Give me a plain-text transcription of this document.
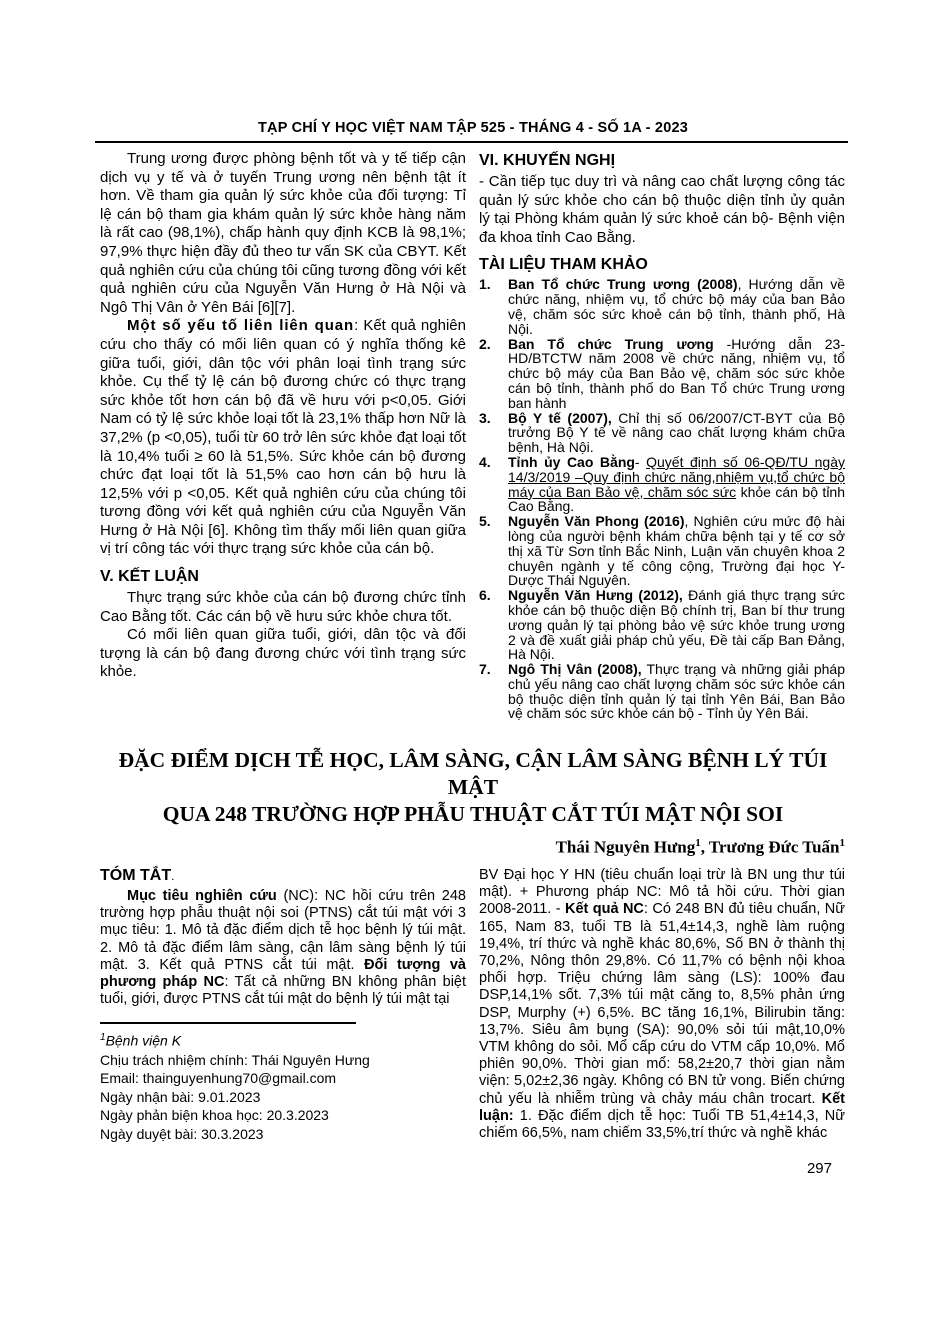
TẠP CHÍ Y HỌC VIỆT NAM TẬP 525 - THÁNG 4 - SỐ 1A - 2023

Trung ương được phòng bệnh tốt và y tế tiếp cận dịch vụ y tế và ở tuyến Trung ương nên bệnh tật ít hơn. Về tham gia quản lý sức khỏe của đối tượng: Tỉ lệ cán bộ tham gia khám quản lý sức khỏe hàng năm là rất cao (98,1%), chấp hành quy định KCB là 98,1%; 97,9% thực hiện đầy đủ theo tư vấn SK của CBYT. Kết quả nghiên cứu của chúng tôi cũng tương đồng với kết quả nghiên cứu của Nguyễn Văn Hưng ở Hà Nội và Ngô Thị Vân ở Yên Bái [6][7].

Một số yếu tố liên liên quan: Kết quả nghiên cứu cho thấy có mối liên quan có ý nghĩa thống kê giữa tuổi, giới, dân tộc với phân loại tình trạng sức khỏe. Cụ thể tỷ lệ cán bộ đương chức có thực trạng sức khỏe tốt hơn cán bộ đã về hưu với p<0,05. Giới Nam có tỷ lệ sức khỏe loại tốt là 23,1% thấp hơn Nữ là 37,2% (p <0,05), tuổi từ 60 trở lên sức khỏe đạt loại tốt là 10,4% tuổi ≥ 60 là 51,5%. Sức khỏe cán bộ đương chức đạt loại tốt là 51,5% cao hơn cán bộ hưu là 12,5% với p <0,05. Kết quả nghiên cứu của chúng tôi tương đồng với kết quả nghiên cứu của Nguyễn Văn Hưng ở Hà Nội [6]. Không tìm thấy mối liên quan giữa vị trí công tác với thực trạng sức khỏe của cán bộ.

V. KẾT LUẬN

Thực trạng sức khỏe của cán bộ đương chức tỉnh Cao Bằng tốt. Các cán bộ về hưu sức khỏe chưa tốt.

Có mối liên quan giữa tuổi, giới, dân tộc và đối tượng là cán bộ đang đương chức với tình trạng sức khỏe.

VI. KHUYẾN NGHỊ

- Cần tiếp tục duy trì và nâng cao chất lượng công tác quản lý sức khỏe cho cán bộ thuộc diện tỉnh ủy quản lý tại Phòng khám quản lý sức khoẻ cán bộ- Bệnh viện đa khoa tỉnh Cao Bằng.

TÀI LIỆU THAM KHẢO
1.	Ban Tổ chức Trung ương (2008), Hướng dẫn về chức năng, nhiệm vụ, tổ chức bộ máy của ban Bảo vệ, chăm sóc sức khoẻ cán bộ tỉnh, thành phố, Hà Nội.
2.	Ban Tổ chức Trung ương -Hướng dẫn 23-HD/BTCTW năm 2008 về chức năng, nhiệm vụ, tổ chức bộ máy của Ban Bảo vệ, chăm sóc sức khỏe cán bộ tỉnh, thành phố do Ban Tổ chức Trung ương ban hành
3.	Bộ Y tế (2007), Chỉ thị số 06/2007/CT-BYT của Bộ trưởng Bộ Y tế về nâng cao chất lượng khám chữa bệnh, Hà Nội.
4.	Tỉnh ủy Cao Bằng- Quyết định số 06-QĐ/TU ngày 14/3/2019 –Quy định chức năng,nhiệm vụ,tổ chức bộ máy của Ban Bảo vệ, chăm sóc sức khỏe cán bộ tỉnh Cao Bằng.
5.	Nguyễn Văn Phong (2016), Nghiên cứu mức độ hài lòng của người bệnh khám chữa bệnh tại y tế cơ sở thị xã Từ Sơn tỉnh Bắc Ninh, Luận văn chuyên khoa 2 chuyên ngành y tế công cộng, Trường đại học Y- Dược Thái Nguyên.
6.	Nguyễn Văn Hưng (2012), Đánh giá thực trạng sức khỏe cán bộ thuộc diện Bộ chính trị, Ban bí thư trung ương quản lý tại phòng bảo vệ sức khỏe trung ương 2 và đề xuất giải pháp chủ yếu, Đề tài cấp Ban Đảng, Hà Nội.
7.	Ngô Thị Vân (2008), Thực trạng và những giải pháp chủ yếu nâng cao chất lượng chăm sóc sức khỏe cán bộ thuộc diện tỉnh quản lý tại tỉnh Yên Bái, Ban Bảo vệ chăm sóc sức khỏe cán bộ - Tỉnh ủy Yên Bái.
ĐẶC ĐIỂM DỊCH TỄ HỌC, LÂM SÀNG, CẬN LÂM SÀNG BỆNH LÝ TÚI MẬT
QUA 248 TRƯỜNG HỢP PHẪU THUẬT CẮT TÚI MẬT NỘI SOI
Thái Nguyên Hưng$^1$, Trương Đức Tuấn$^1$
TÓM TẮT.

Mục tiêu nghiên cứu (NC): NC hồi cứu trên 248 trường hợp phẫu thuật nội soi (PTNS) cắt túi mật với 3 mục tiêu: 1. Mô tả đặc điểm dịch tễ học bệnh lý túi mật. 2. Mô tả đặc điểm lâm sàng, cận lâm sàng bệnh lý túi mật. 3. Kết quả PTNS cắt túi mật. Đối tượng và phương pháp NC: Tất cả những BN không phân biệt tuổi, giới, được PTNS cắt túi mật do bệnh lý túi mật tại

$^1$Bệnh viện K

Chịu trách nhiệm chính: Thái Nguyên Hưng

Email: thainguyenhung70@gmail.com

Ngày nhận bài: 9.01.2023

Ngày phản biện khoa học: 20.3.2023

Ngày duyệt bài: 30.3.2023

BV Đại học Y HN (tiêu chuẩn loại trừ là BN ung thư túi mật). + Phương pháp NC: Mô tả hồi cứu. Thời gian 2008-2011. - Kết quả NC: Có 248 BN đủ tiêu chuẩn, Nữ 165, Nam 83, tuổi TB là 51,4±14,3, nghề làm ruộng 19,4%, trí thức và nghề khác 80,6%, Số BN ở thành thị 70,2%, Nông thôn 29,8%. Có 11,7% có bệnh nội khoa phối hợp. Triệu chứng lâm sàng (LS): 100% đau DSP,14,1% sốt. 7,3% túi mật căng to, 8,5% phản ứng DSP, Murphy (+) 6,5%. BC tăng 16,1%, Bilirubin tăng: 13,7%. Siêu âm bụng (SA): 90,0% sỏi túi mật,10,0% VTM không do sỏi. Mổ cấp cứu do VTM cấp 10,0%. Mổ phiên 90,0%. Thời gian mổ: 58,2±20,7 thời gian nằm viện: 5,02±2,36 ngày. Không có BN tử vong. Biến chứng chủ yếu là nhiễm trùng và chảy máu chân trocart. Kết luận: 1. Đặc điểm dịch tễ học: Tuổi TB 51,4±14,3, Nữ chiếm 66,5%, nam chiếm 33,5%,trí thức và nghề khác

297
